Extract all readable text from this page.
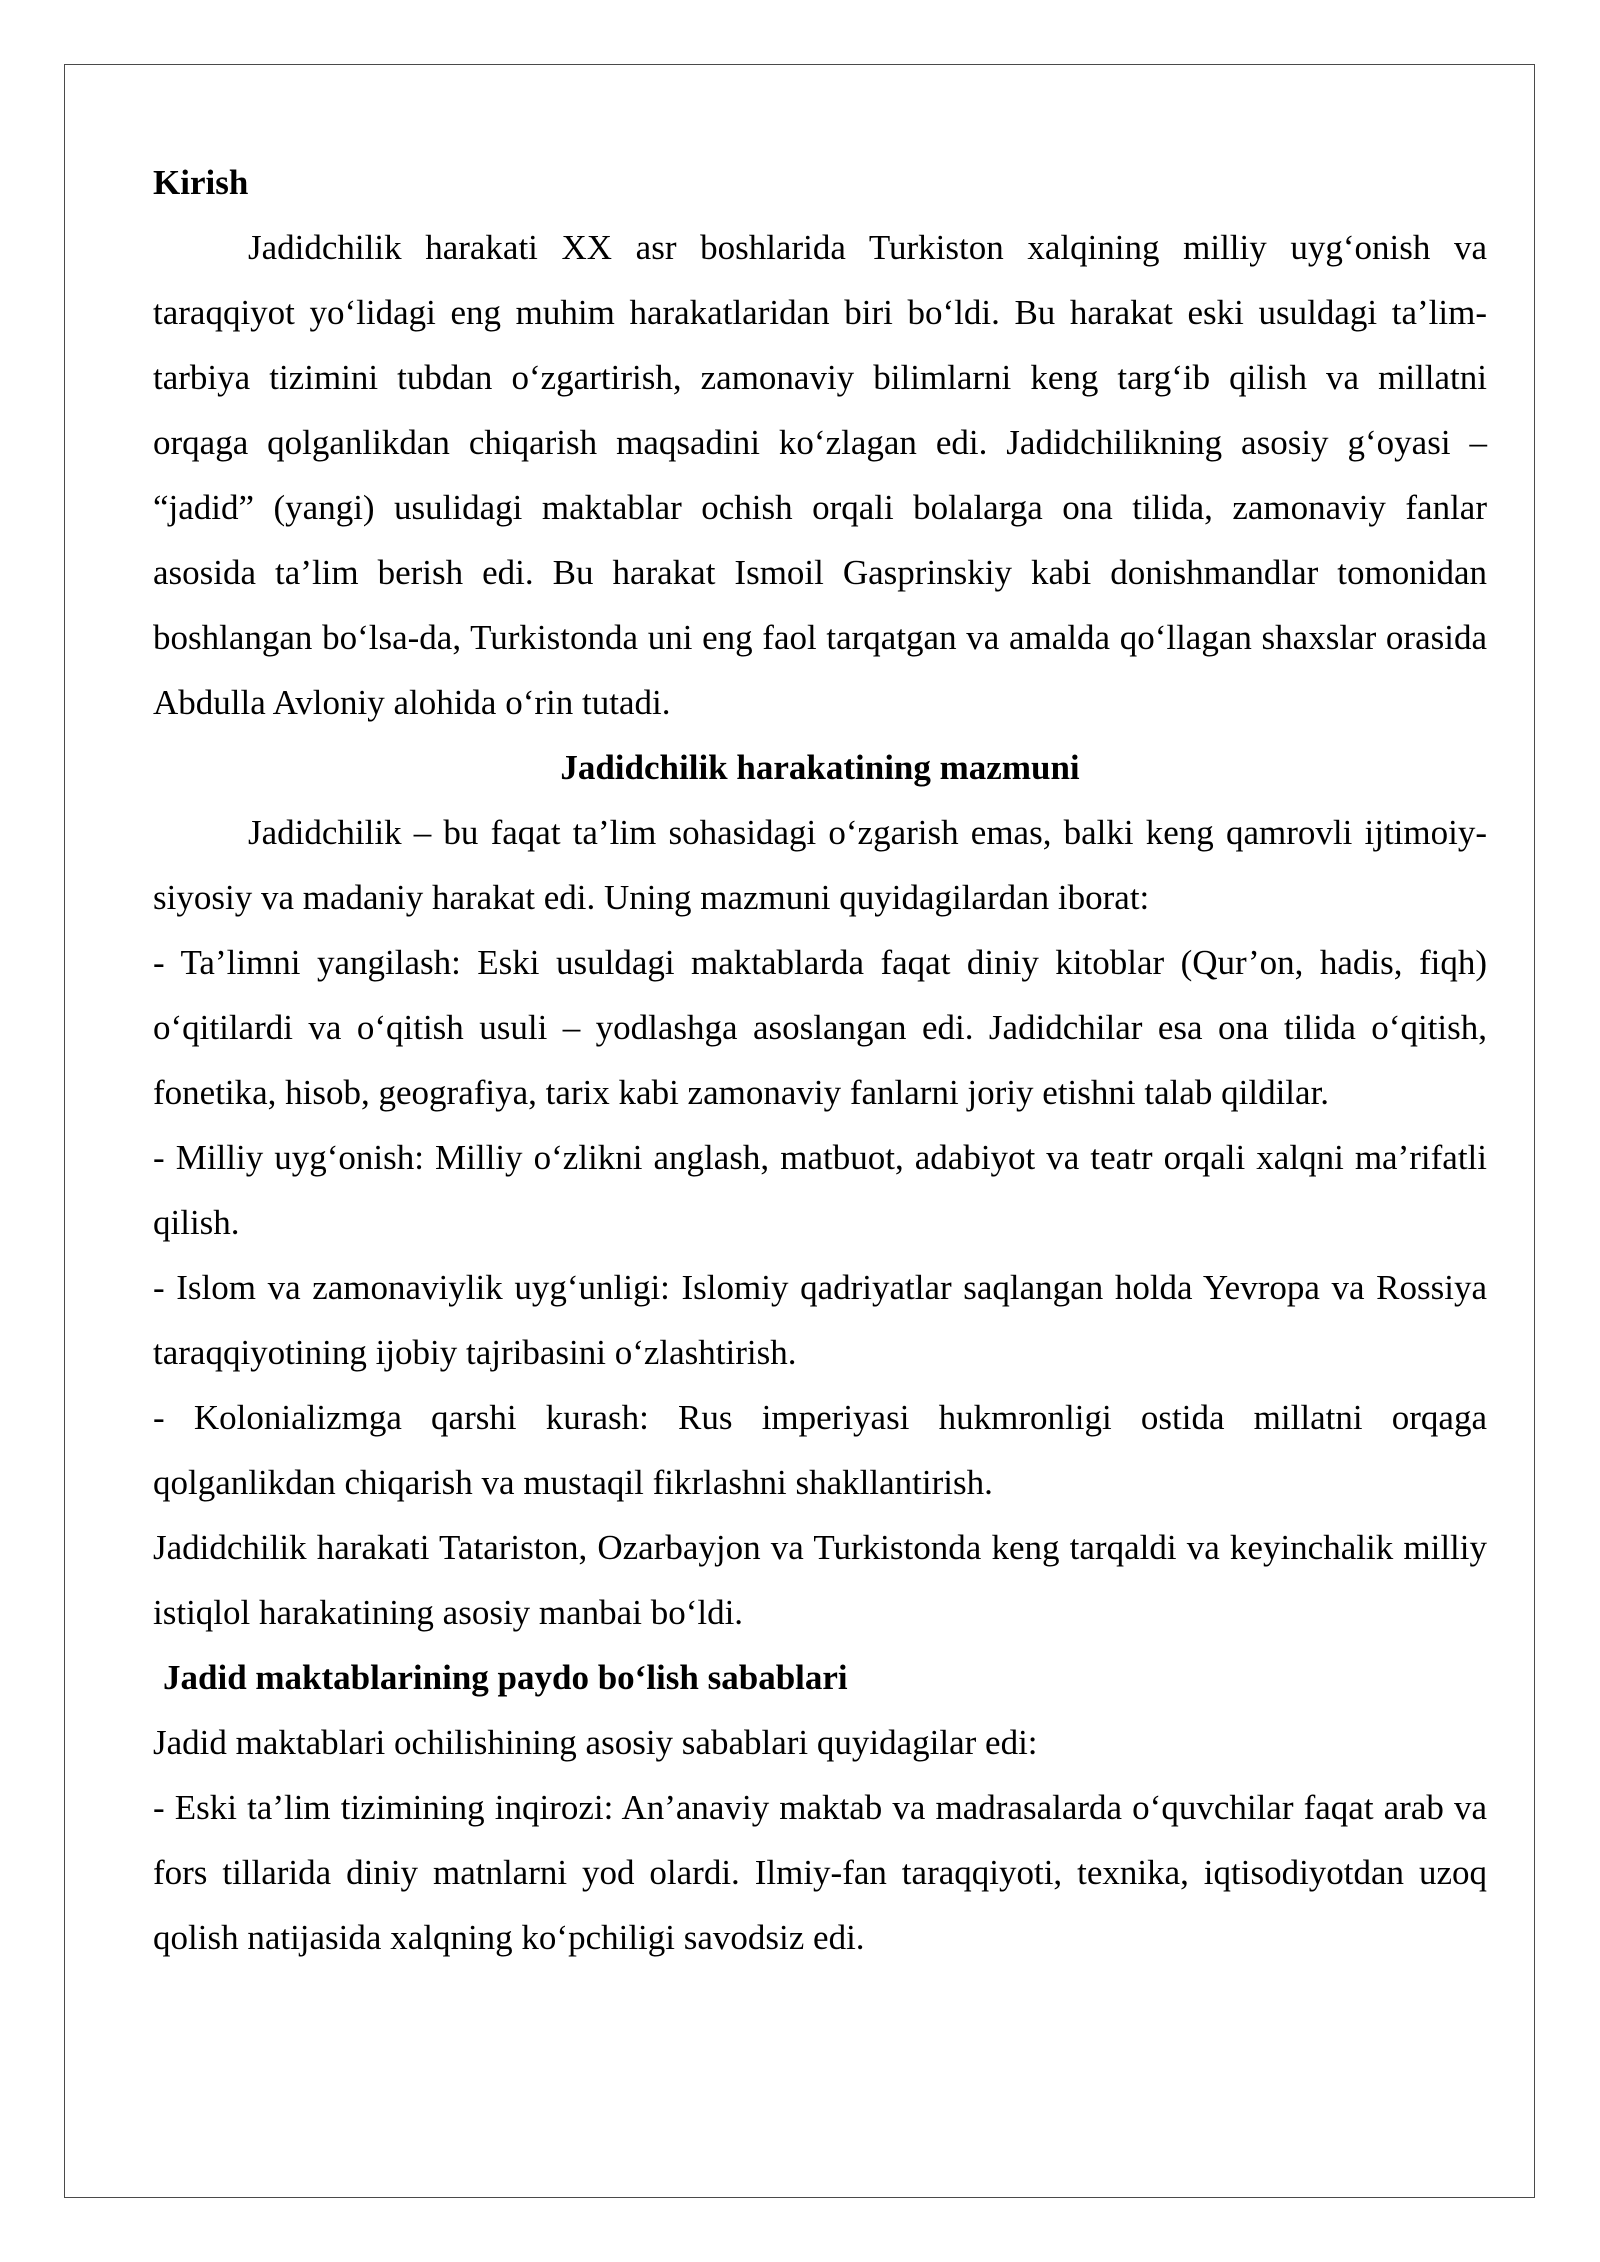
Kirish

Jadidchilik harakati XX asr boshlarida Turkiston xalqining milliy uyg‘onish va taraqqiyot yo‘lidagi eng muhim harakatlaridan biri bo‘ldi. Bu harakat eski usuldagi ta’lim-tarbiya tizimini tubdan o‘zgartirish, zamonaviy bilimlarni keng targ‘ib qilish va millatni orqaga qolganlikdan chiqarish maqsadini ko‘zlagan edi. Jadidchilikning asosiy g‘oyasi – “jadid” (yangi) usulidagi maktablar ochish orqali bolalarga ona tilida, zamonaviy fanlar asosida ta’lim berish edi. Bu harakat Ismoil Gasprinskiy kabi donishmandlar tomonidan boshlangan bo‘lsa-da, Turkistonda uni eng faol tarqatgan va amalda qo‘llagan shaxslar orasida Abdulla Avloniy alohida o‘rin tutadi.

Jadidchilik harakatining mazmuni

Jadidchilik – bu faqat ta’lim sohasidagi o‘zgarish emas, balki keng qamrovli ijtimoiy-siyosiy va madaniy harakat edi. Uning mazmuni quyidagilardan iborat:

- Ta’limni yangilash: Eski usuldagi maktablarda faqat diniy kitoblar (Qur’on, hadis, fiqh) o‘qitilardi va o‘qitish usuli – yodlashga asoslangan edi. Jadidchilar esa ona tilida o‘qitish, fonetika, hisob, geografiya, tarix kabi zamonaviy fanlarni joriy etishni talab qildilar.

- Milliy uyg‘onish: Milliy o‘zlikni anglash, matbuot, adabiyot va teatr orqali xalqni ma’rifatli qilish.

- Islom va zamonaviylik uyg‘unligi: Islomiy qadriyatlar saqlangan holda Yevropa va Rossiya taraqqiyotining ijobiy tajribasini o‘zlashtirish.

- Kolonializmga qarshi kurash: Rus imperiyasi hukmronligi ostida millatni orqaga qolganlikdan chiqarish va mustaqil fikrlashni shakllantirish.

Jadidchilik harakati Tatariston, Ozarbayjon va Turkistonda keng tarqaldi va keyinchalik milliy istiqlol harakatining asosiy manbai bo‘ldi.

Jadid maktablarining paydo bo‘lish sabablari

Jadid maktablari ochilishining asosiy sabablari quyidagilar edi:

- Eski ta’lim tizimining inqirozi: An’anaviy maktab va madrasalarda o‘quvchilar faqat arab va fors tillarida diniy matnlarni yod olardi. Ilmiy-fan taraqqiyoti, texnika, iqtisodiyotdan uzoq qolish natijasida xalqning ko‘pchiligi savodsiz edi.
